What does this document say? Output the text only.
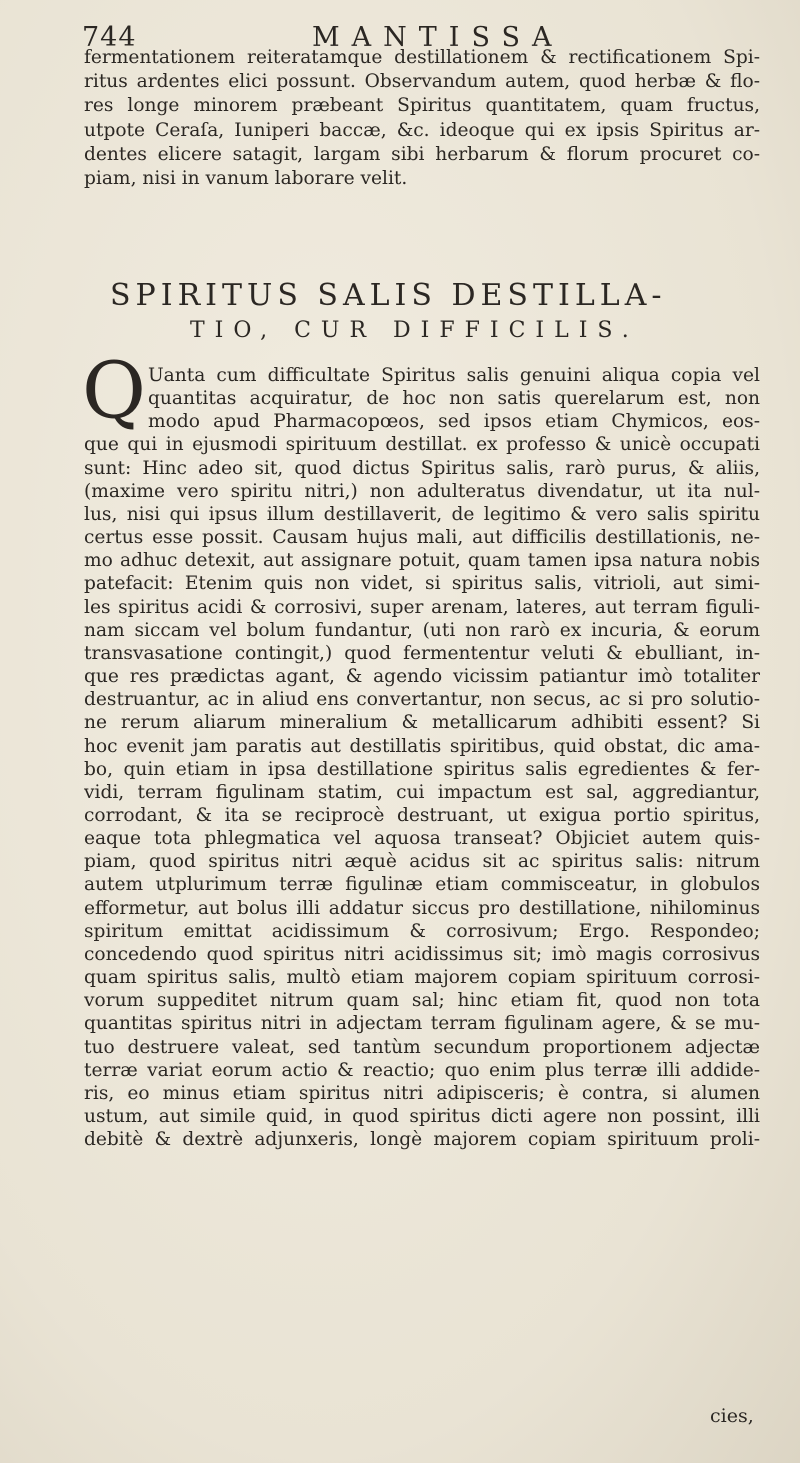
744	MANTISSA
fermentationem reiteratamque destillationem & rectificationem Spi-
ritus ardentes elici possunt. Observandum autem, quod herbæ & flo-
res longe minorem præbeant Spiritus quantitatem, quam fructus,
utpote Ceraſa, Iuniperi baccæ, &c. ideoque qui ex ipsis Spiritus ar-
dentes elicere satagit, largam sibi herbarum & florum procuret co-
piam, nisi in vanum laborare velit.
SPIRITUS SALIS DESTILLA-
TIO, CUR DIFFICILIS.
Q Uanta cum difficultate Spiritus salis genuini aliqua copia vel
quantitas acquiratur, de hoc non satis querelarum est, non
modo apud Pharmacopœos, sed ipsos etiam Chymicos, eos-
que qui in ejusmodi spirituum destillat. ex professo & unicè occupati
sunt: Hinc adeo sit, quod dictus Spiritus salis, rarò purus, & aliis,
(maxime vero spiritu nitri,) non adulteratus divendatur, ut ita nul-
lus, nisi qui ipsus illum destillaverit, de legitimo & vero salis spiritu
certus esse possit. Causam hujus mali, aut difficilis destillationis, ne-
mo adhuc detexit, aut assignare potuit, quam tamen ipsa natura nobis
patefacit: Etenim quis non videt, si spiritus salis, vitrioli, aut simi-
les spiritus acidi & corrosivi, super arenam, lateres, aut terram figuli-
nam siccam vel bolum fundantur, (uti non rarò ex incuria, & eorum
transvasatione contingit,) quod fermententur veluti & ebulliant, in-
que res prædictas agant, & agendo vicissim patiantur imò totaliter
destruantur, ac in aliud ens convertantur, non secus, ac si pro solutio-
ne rerum aliarum mineralium & metallicarum adhibiti essent? Si
hoc evenit jam paratis aut destillatis spiritibus, quid obstat, dic ama-
bo, quin etiam in ipsa destillatione spiritus salis egredientes & fer-
vidi, terram figulinam statim, cui impactum est sal, aggrediantur,
corrodant, & ita se reciprocè destruant, ut exigua portio spiritus,
eaque tota phlegmatica vel aquosa transeat? Objiciet autem quis-
piam, quod spiritus nitri æquè acidus sit ac spiritus salis: nitrum
autem utplurimum terræ figulinæ etiam commisceatur, in globulos
efformetur, aut bolus illi addatur siccus pro destillatione, nihilominus
spiritum emittat acidissimum & corrosivum; Ergo. Respondeo;
concedendo quod spiritus nitri acidissimus sit; imò magis corrosivus
quam spiritus salis, multò etiam majorem copiam spirituum corrosi-
vorum suppeditet nitrum quam sal; hinc etiam fit, quod non tota
quantitas spiritus nitri in adjectam terram figulinam agere, & se mu-
tuo destruere valeat, sed tantùm secundum proportionem adjectæ
terræ variat eorum actio & reactio; quo enim plus terræ illi addide-
ris, eo minus etiam spiritus nitri adipisceris; è contra, si alumen
ustum, aut simile quid, in quod spiritus dicti agere non possint, illi
debitè & dextrè adjunxeris, longè majorem copiam spirituum proli-
cies,
